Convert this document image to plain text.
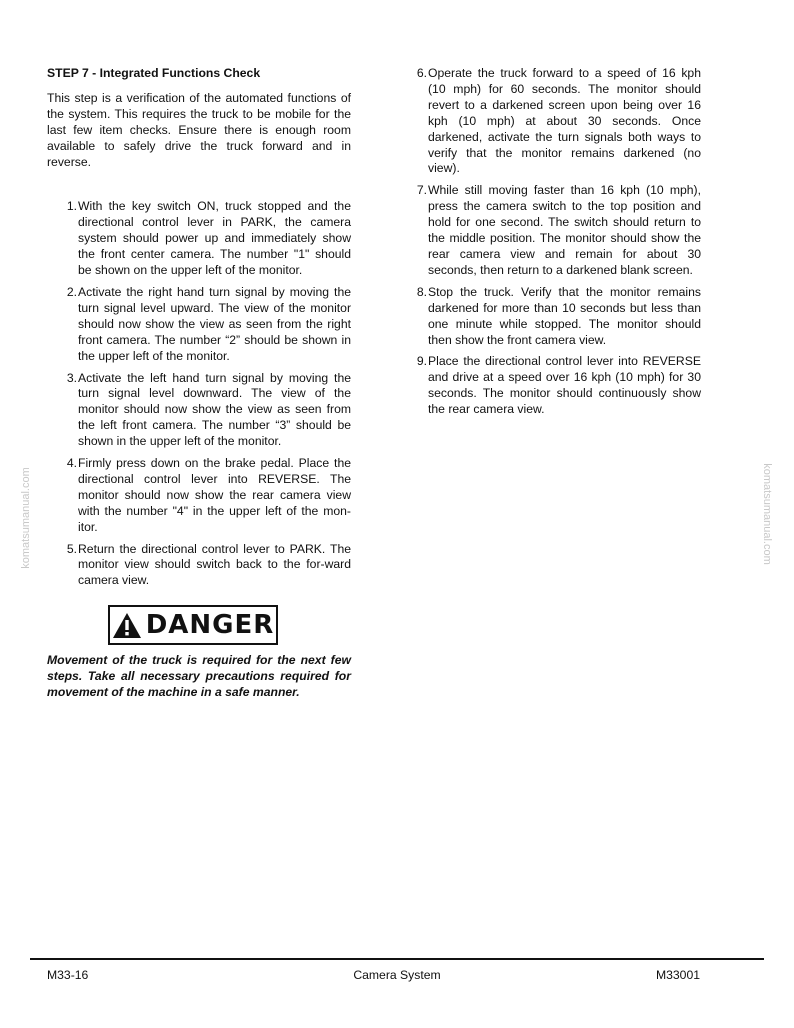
STEP 7 - Integrated Functions Check

This step is a verification of the automated functions of the system. This requires the truck to be mobile for the last few item checks. Ensure there is enough room available to safely drive the truck forward and in reverse.

1. With the key switch ON, truck stopped and the directional control lever in PARK, the camera system should power up and immediately show the front center camera. The number "1" should be shown on the upper left of the monitor.
2. Activate the right hand turn signal by moving the turn signal level upward. The view of the monitor should now show the view as seen from the right front camera. The number “2” should be shown in the upper left of the monitor.
3. Activate the left hand turn signal by moving the turn signal level downward. The view of the monitor should now show the view as seen from the left front camera. The number “3” should be shown in the upper left of the monitor.
4. Firmly press down on the brake pedal. Place the directional control lever into REVERSE. The monitor should now show the rear camera view with the number "4" in the upper left of the mon-itor.
5. Return the directional control lever to PARK. The monitor view should switch back to the for-ward camera view.
DANGER

Movement of the truck is required for the next few steps. Take all necessary precautions required for movement of the machine in a safe manner.

6. Operate the truck forward to a speed of 16 kph (10 mph) for 60 seconds. The monitor should revert to a darkened screen upon being over 16 kph (10 mph) at about 30 seconds. Once darkened, activate the turn signals both ways to verify that the monitor remains darkened (no view).
7. While still moving faster than 16 kph (10 mph), press the camera switch to the top position and hold for one second. The switch should return to the middle position. The monitor should show the rear camera view and remain for about 30 seconds, then return to a darkened blank screen.
8. Stop the truck. Verify that the monitor remains darkened for more than 10 seconds but less than one minute while stopped. The monitor should then show the front camera view.
9. Place the directional control lever into REVERSE and drive at a speed over 16 kph (10 mph) for 30 seconds. The monitor should continuously show the rear camera view.
komatsumanual.com	komatsumanual.com
M33-16	Camera System	M33001
